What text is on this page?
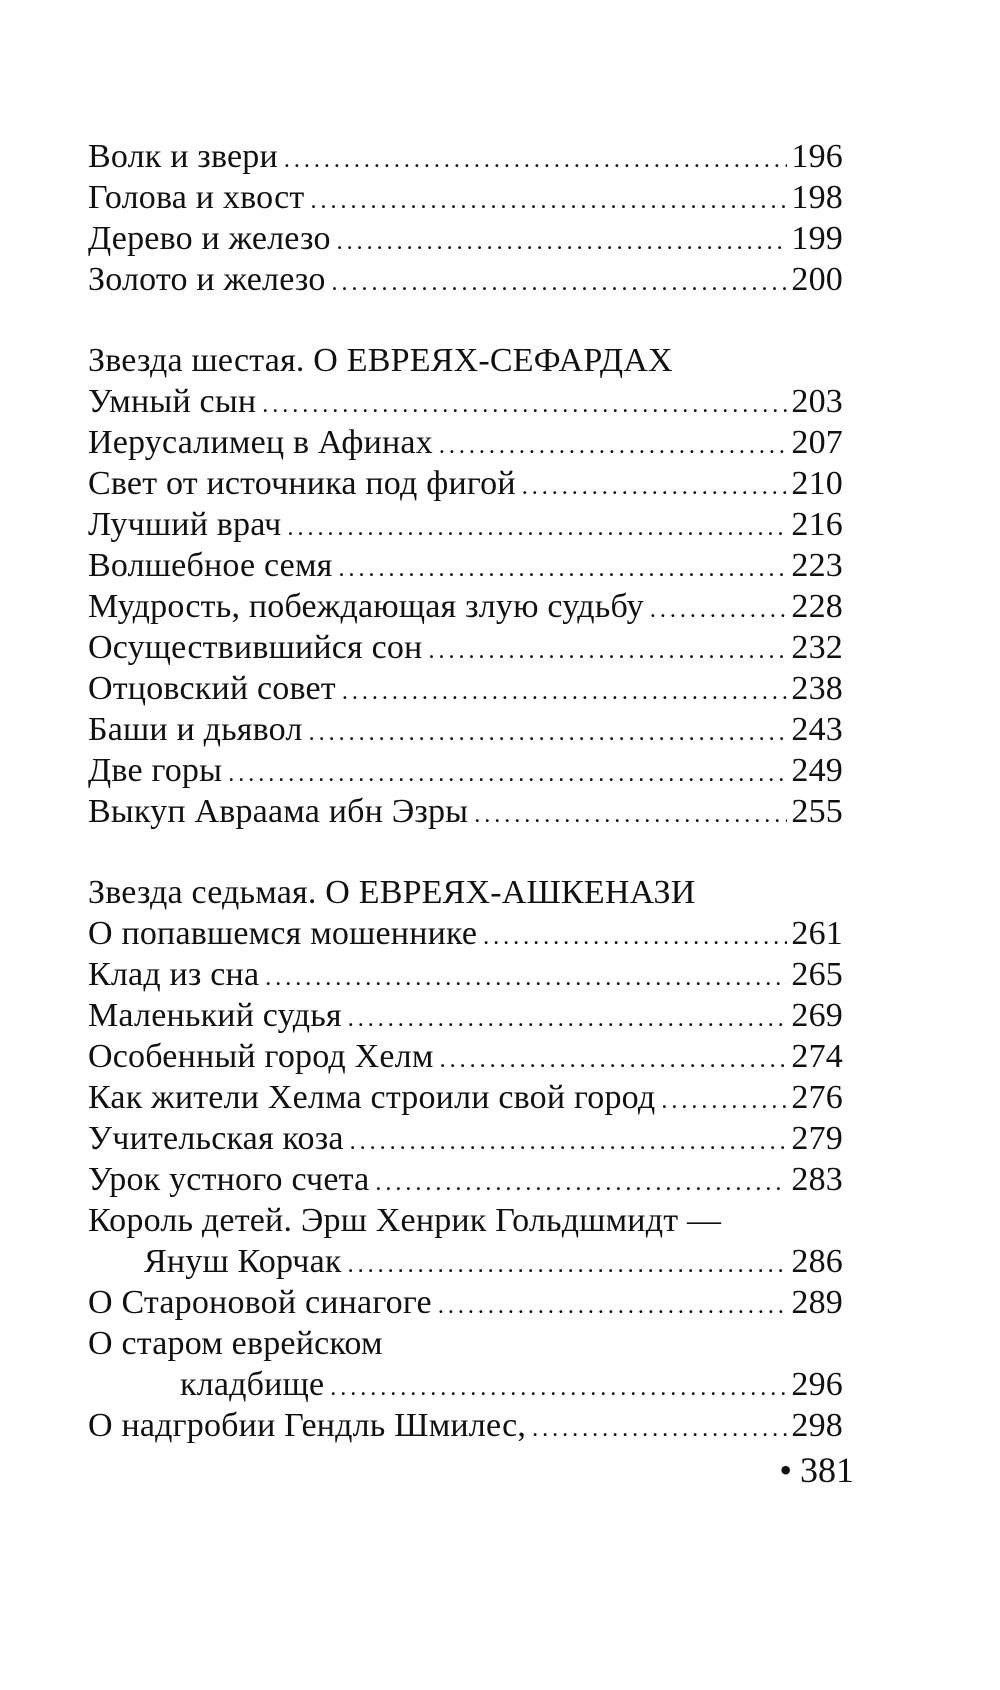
Волк и звери . . .	196
Голова и хвост . . .	198
Дерево и железо . . .	199
Золото и железо . . .	200
Звезда шестая. О ЕВРЕЯХ-СЕФАРДАХ
Умный сын . . .	203
Иерусалимец в Афинах . . .	207
Свет от источника под фигой . . .	210
Лучший врач . . .	216
Волшебное семя . . .	223
Мудрость, побеждающая злую судьбу . . .	228
Осуществившийся сон . . .	232
Отцовский совет . . .	238
Баши и дьявол . . .	243
Две горы . . .	249
Выкуп Авраама ибн Эзры . . .	255
Звезда седьмая. О ЕВРЕЯХ-АШКЕНАЗИ
О попавшемся мошеннике . . .	261
Клад из сна . . .	265
Маленький судья . . .	269
Особенный город Хелм . . .	274
Как жители Хелма строили свой город . . .	276
Учительская коза . . .	279
Урок устного счета . . .	283
Король детей. Эрш Хенрик Гольдшмидт —
Януш Корчак . . .	286
О Староновой синагоге . . .	289
О старом еврейском
кладбище . . .	296
О надгробии Гендль Шмилес, . . .	298
• 381
